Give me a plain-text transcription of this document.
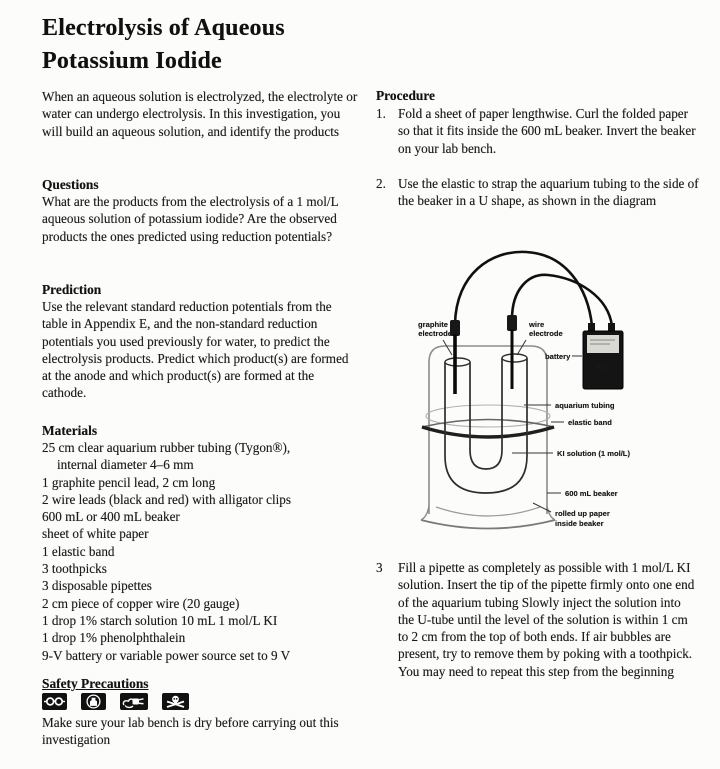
Electrolysis of Aqueous
Potassium Iodide
When an aqueous solution is electrolyzed, the electrolyte or water can undergo electrolysis. In this investigation, you will build an aqueous solution, and identify the products
Questions
What are the products from the electrolysis of a 1 mol/L aqueous solution of potassium iodide? Are the observed products the ones predicted using reduction potentials?
Prediction
Use the relevant standard reduction potentials from the table in Appendix E, and the non-standard reduction potentials you used previously for water, to predict the electrolysis products. Predict which product(s) are formed at the anode and which product(s) are formed at the cathode.
Materials
25 cm clear aquarium rubber tubing (Tygon®),
internal diameter 4–6 mm
1 graphite pencil lead, 2 cm long
2 wire leads (black and red) with alligator clips
600 mL or 400 mL beaker
sheet of white paper
1 elastic band
3 toothpicks
3 disposable pipettes
2 cm piece of copper wire (20 gauge)
1 drop 1% starch solution 10 mL 1 mol/L KI
1 drop 1% phenolphthalein
9-V battery or variable power source set to 9 V
Safety Precautions
Make sure your lab bench is dry before carrying out this investigation
Procedure
1. Fold a sheet of paper lengthwise. Curl the folded paper so that it fits inside the 600 mL beaker. Invert the beaker on your lab bench.
2. Use the elastic to strap the aquarium tubing to the side of the beaker in a U shape, as shown in the diagram
9 V
graphite
electrode
wire
electrode
battery
aquarium tubing
elastic band
KI solution (1 mol/L)
600 mL beaker
rolled up paper
inside beaker
3	Fill a pipette as completely as possible with 1 mol/L KI solution. Insert the tip of the pipette firmly onto one end of the aquarium tubing Slowly inject the solution into the U-tube until the level of the solution is within 1 cm to 2 cm from the top of both ends. If air bubbles are present, try to remove them by poking with a toothpick. You may need to repeat this step from the beginning
